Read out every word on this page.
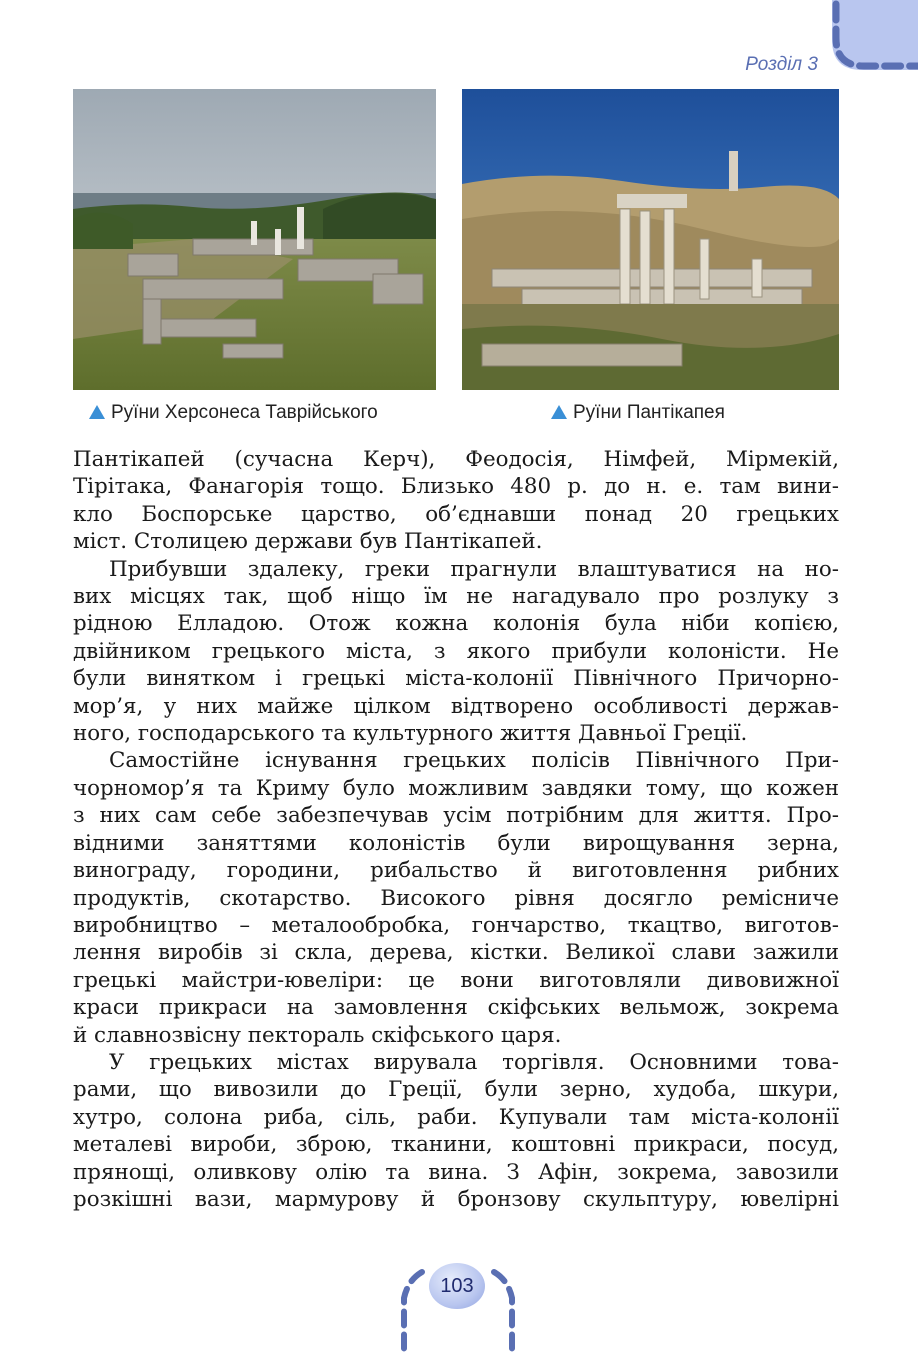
Розділ 3
Руїни Херсонеса Таврійського	Руїни Пантікапея
Пантікапей (сучасна Керч), Феодосія, Німфей, Мірмекій,
Тірітака, Фанагорія тощо. Близько 480 р. до н. е. там вини-
кло Боспорське царство, об’єднавши понад 20 грецьких
міст. Столицею держави був Пантікапей.
Прибувши здалеку, греки прагнули влаштуватися на но-
вих місцях так, щоб ніщо їм не нагадувало про розлуку з
рідною Елладою. Отож кожна колонія була ніби копією,
двійником грецького міста, з якого прибули колоністи. Не
були винятком і грецькі міста-колонії Північного Причорно-
мор’я, у них майже цілком відтворено особливості держав-
ного, господарського та культурного життя Давньої Греції.
Самостійне існування грецьких полісів Північного При-
чорномор’я та Криму було можливим завдяки тому, що кожен
з них сам себе забезпечував усім потрібним для життя. Про-
відними заняттями колоністів були вирощування зерна,
винограду, городини, рибальство й виготовлення рибних
продуктів, скотарство. Високого рівня досягло ремісниче
виробництво – металообробка, гончарство, ткацтво, виготов-
лення виробів зі скла, дерева, кістки. Великої слави зажили
грецькі майстри-ювеліри: це вони виготовляли дивовижної
краси прикраси на замовлення скіфських вельмож, зокрема
й славнозвісну пектораль скіфського царя.
У грецьких містах вирувала торгівля. Основними това-
рами, що вивозили до Греції, були зерно, худоба, шкури,
хутро, солона риба, сіль, раби. Купували там міста-колонії
металеві вироби, зброю, тканини, коштовні прикраси, посуд,
прянощі, оливкову олію та вина. З Афін, зокрема, завозили
розкішні вази, мармурову й бронзову скульптуру, ювелірні
103
